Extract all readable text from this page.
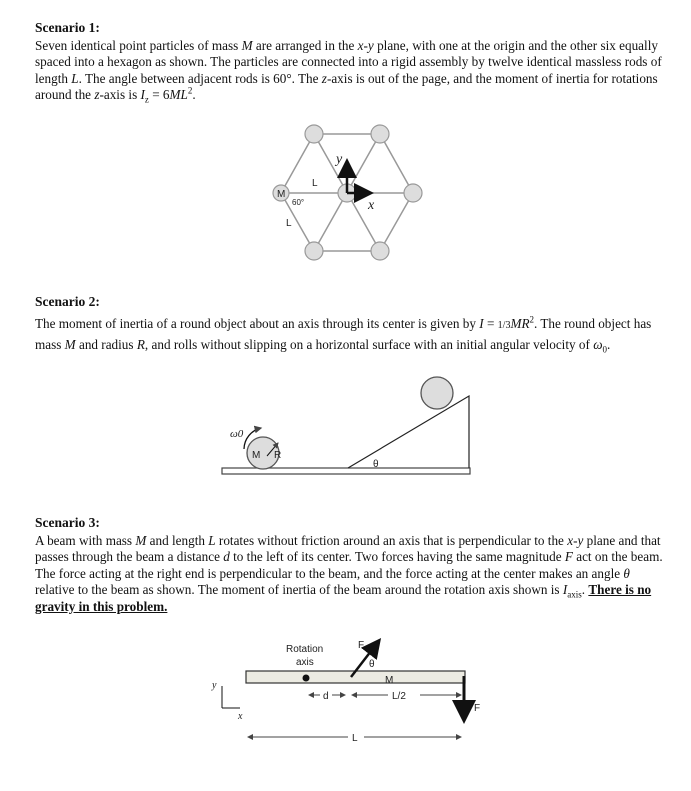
Scenario 1:
Seven identical point particles of mass M are arranged in the x-y plane, with one at the origin and the other six equally spaced into a hexagon as shown. The particles are connected into a rigid assembly by twelve identical massless rods of length L. The angle between adjacent rods is 60°. The z-axis is out of the page, and the moment of inertia for rotations around the z-axis is $I_z = 6ML^2$.
Scenario 2:
The moment of inertia of a round object about an axis through its center is given by $I = 1/3MR^2$. The round object has mass M and radius R, and rolls without slipping on a horizontal surface with an initial angular velocity of $\omega_0$.
Scenario 3:
A beam with mass M and length L rotates without friction around an axis that is perpendicular to the x-y plane and that passes through the beam a distance d to the left of its center. Two forces having the same magnitude F act on the beam. The force acting at the right end is perpendicular to the beam, and the force acting at the center makes an angle θ relative to the beam as shown. The moment of inertia of the beam around the rotation axis shown is $I_{axis}$. There is no gravity in this problem.
M
L
60°
L
x
y
M R
ω0
θ
Rotation
axis
F
θ
M
F
d	L/2
L
y
x
